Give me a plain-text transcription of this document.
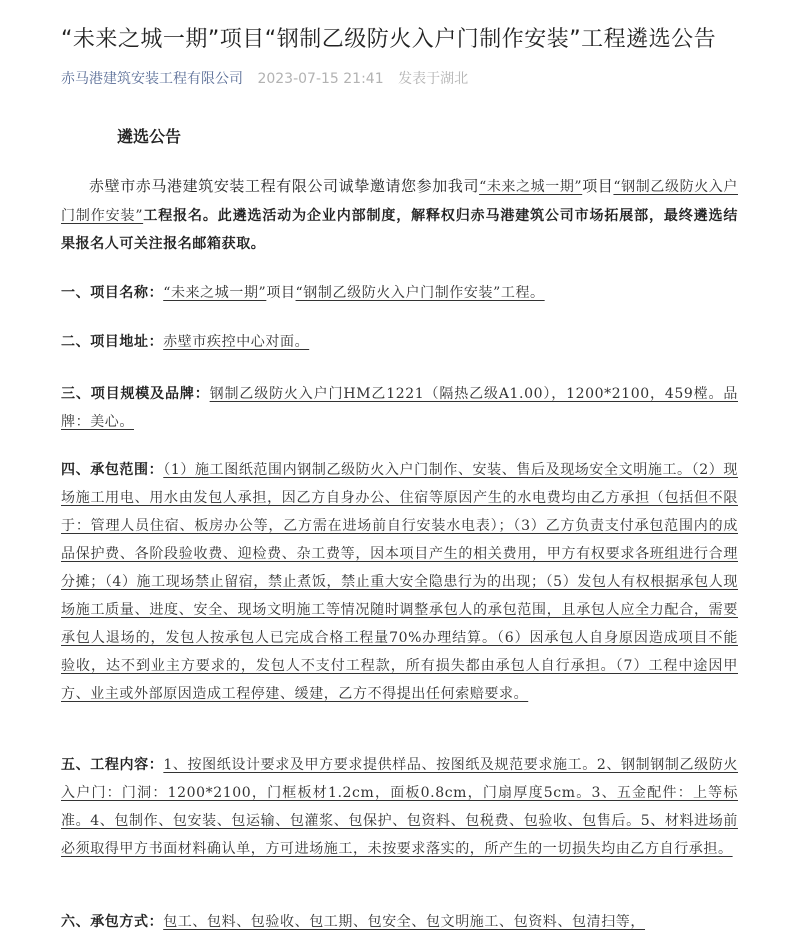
“未来之城一期”项目“钢制乙级防火入户门制作安装”工程遴选公告
赤马港建筑安装工程有限公司 2023-07-15 21:41 发表于湖北
遴选公告
赤壁市赤马港建筑安装工程有限公司诚挚邀请您参加我司“未来之城一期”项目“钢制乙级防火入户门制作安装”工程报名。此遴选活动为企业内部制度，解释权归赤马港建筑公司市场拓展部，最终遴选结果报名人可关注报名邮箱获取。
一、项目名称：“未来之城一期”项目“钢制乙级防火入户门制作安装”工程。
二、项目地址：赤壁市疾控中心对面。
三、项目规模及品牌：钢制乙级防火入户门HM乙1221（隔热乙级A1.00），1200*2100，459樘。品牌：美心。
四、承包范围：（1）施工图纸范围内钢制乙级防火入户门制作、安装、售后及现场安全文明施工。（2）现场施工用电、用水由发包人承担，因乙方自身办公、住宿等原因产生的水电费均由乙方承担（包括但不限于：管理人员住宿、板房办公等，乙方需在进场前自行安装水电表）；（3）乙方负责支付承包范围内的成品保护费、各阶段验收费、迎检费、杂工费等，因本项目产生的相关费用，甲方有权要求各班组进行合理分摊；（4）施工现场禁止留宿，禁止煮饭，禁止重大安全隐患行为的出现；（5）发包人有权根据承包人现场施工质量、进度、安全、现场文明施工等情况随时调整承包人的承包范围，且承包人应全力配合，需要承包人退场的，发包人按承包人已完成合格工程量70%办理结算。（6）因承包人自身原因造成项目不能验收，达不到业主方要求的，发包人不支付工程款，所有损失都由承包人自行承担。（7）工程中途因甲方、业主或外部原因造成工程停建、缓建，乙方不得提出任何索赔要求。
五、工程内容：1、按图纸设计要求及甲方要求提供样品、按图纸及规范要求施工。2、钢制钢制乙级防火入户门：门洞：1200*2100，门框板材1.2cm，面板0.8cm，门扇厚度5cm。3、五金配件：上等标准。4、包制作、包安装、包运输、包灌浆、包保护、包资料、包税费、包验收、包售后。5、材料进场前必须取得甲方书面材料确认单，方可进场施工，未按要求落实的，所产生的一切损失均由乙方自行承担。
六、承包方式：包工、包料、包验收、包工期、包安全、包文明施工、包资料、包清扫等，
